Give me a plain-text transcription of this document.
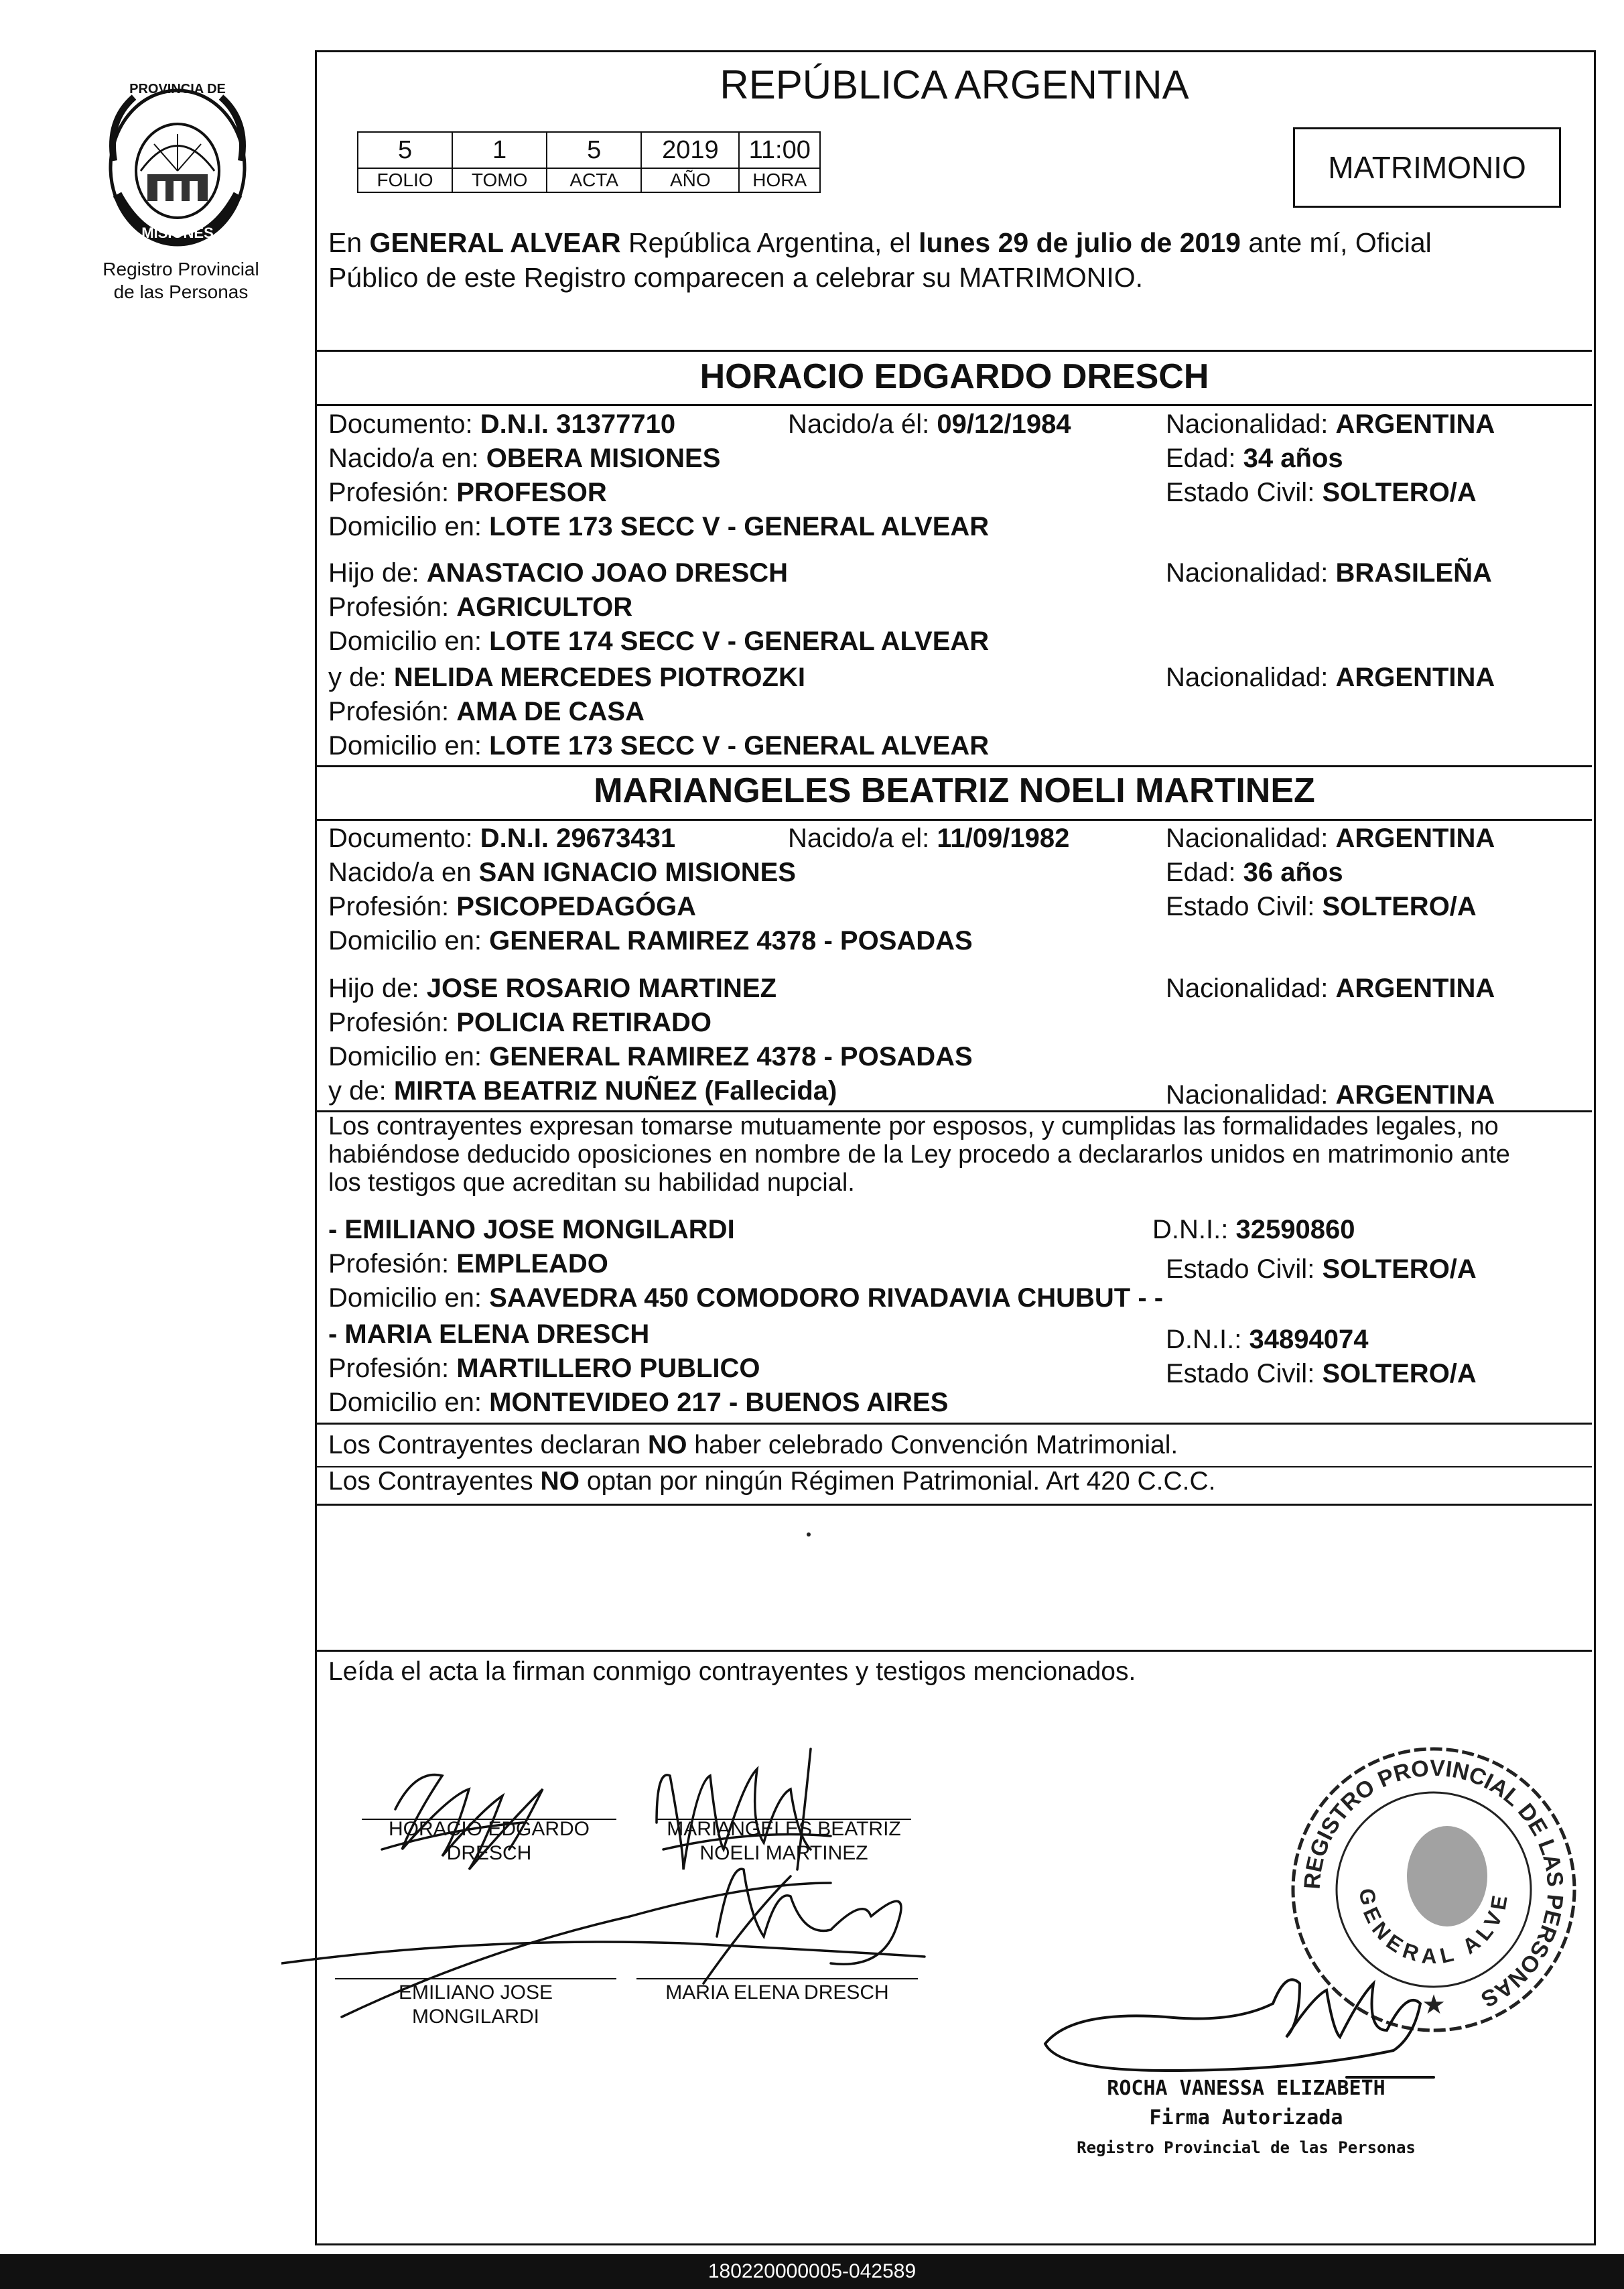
PROVINCIA DE
MISIONES
Registro Provincial
de las Personas
REPÚBLICA ARGENTINA
5	1	5	2019	11:00
FOLIO	TOMO	ACTA	AÑO	HORA	MATRIMONIO
En GENERAL ALVEAR República Argentina, el lunes 29 de julio de 2019 ante mí, Oficial
Público de este Registro comparecen a celebrar su MATRIMONIO.
HORACIO EDGARDO DRESCH
Documento: D.N.I. 31377710	Nacido/a él: 09/12/1984	Nacionalidad: ARGENTINA
Nacido/a en: OBERA MISIONES	Edad: 34 años
Profesión: PROFESOR	Estado Civil: SOLTERO/A
Domicilio en: LOTE 173 SECC V - GENERAL ALVEAR
Hijo de: ANASTACIO JOAO DRESCH	Nacionalidad: BRASILEÑA
Profesión: AGRICULTOR
Domicilio en: LOTE 174 SECC V - GENERAL ALVEAR
y de: NELIDA MERCEDES PIOTROZKI	Nacionalidad: ARGENTINA
Profesión: AMA DE CASA
Domicilio en: LOTE 173 SECC V - GENERAL ALVEAR
MARIANGELES BEATRIZ NOELI MARTINEZ
Documento: D.N.I. 29673431	Nacido/a el: 11/09/1982	Nacionalidad: ARGENTINA
Nacido/a en SAN IGNACIO MISIONES	Edad: 36 años
Profesión: PSICOPEDAGÓGA	Estado Civil: SOLTERO/A
Domicilio en: GENERAL RAMIREZ 4378 - POSADAS
Hijo de: JOSE ROSARIO MARTINEZ	Nacionalidad: ARGENTINA
Profesión: POLICIA RETIRADO
Domicilio en: GENERAL RAMIREZ 4378 - POSADAS
y de: MIRTA BEATRIZ NUÑEZ (Fallecida)	Nacionalidad: ARGENTINA
Los contrayentes expresan tomarse mutuamente por esposos, y cumplidas las formalidades legales, no
habiéndose deducido oposiciones en nombre de la Ley procedo a declararlos unidos en matrimonio ante
los testigos que acreditan su habilidad nupcial.
- EMILIANO JOSE MONGILARDI	D.N.I.: 32590860
Profesión: EMPLEADO	Estado Civil: SOLTERO/A
Domicilio en: SAAVEDRA 450 COMODORO RIVADAVIA CHUBUT - -
- MARIA ELENA DRESCH	D.N.I.: 34894074
Profesión: MARTILLERO PUBLICO	Estado Civil: SOLTERO/A
Domicilio en: MONTEVIDEO 217 - BUENOS AIRES
Los Contrayentes declaran NO haber celebrado Convención Matrimonial.
Los Contrayentes NO optan por ningún Régimen Patrimonial. Art 420 C.C.C.
Leída el acta la firman conmigo contrayentes y testigos mencionados.
HORACIO EDGARDO
DRESCH
MARIANGELES BEATRIZ
NOELI MARTINEZ
EMILIANO JOSE
MONGILARDI
MARIA ELENA DRESCH
REGISTRO PROVINCIAL DE LAS PERSONAS
GENERAL ALVE
★
ROCHA VANESSA ELIZABETH
Firma Autorizada
Registro Provincial de las Personas
180220000005-042589
